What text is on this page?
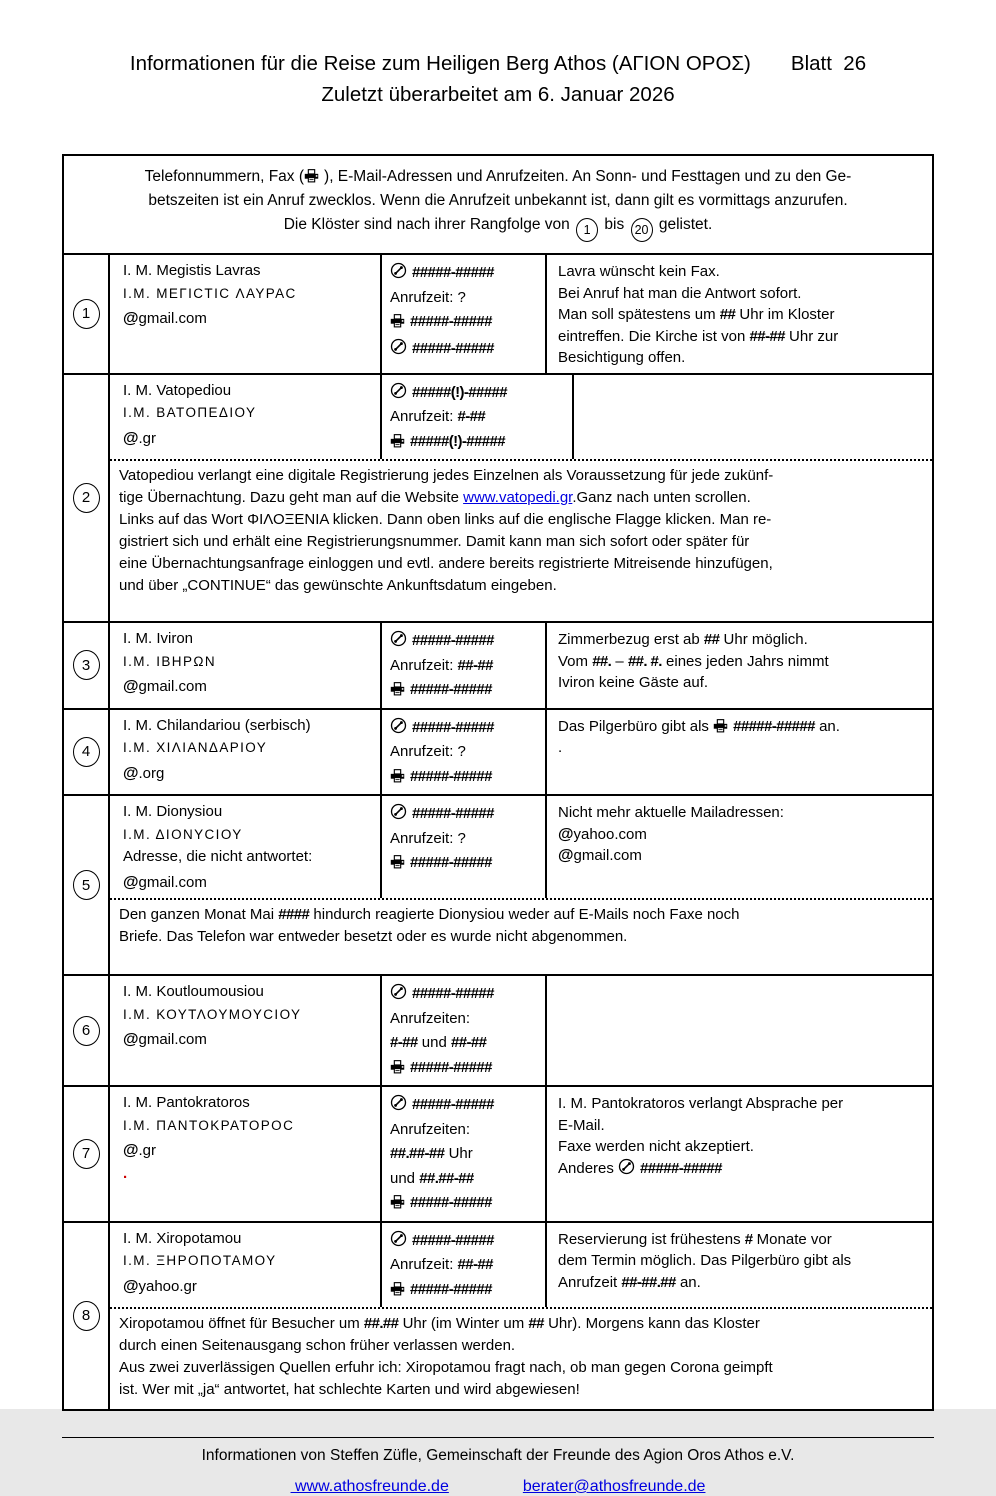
Informationen für die Reise zum Heiligen Berg Athos (ΑΓΙΟΝ ΟΡΟΣ) Blatt  26
Zuletzt überarbeitet am 6. Januar 2026
Telefonnummern, Fax ( ), E-Mail-Adressen und Anrufzeiten. An Sonn- und Festtagen und zu den Ge-
betszeiten ist ein Anruf zwecklos. Wenn die Anrufzeit unbekannt ist, dann gilt es vormittags anzurufen.
Die Klöster sind nach ihrer Rangfolge von 1 bis 20 gelistet.
1
I. M. Megistis Lavras
Ι.Μ. ΜΕΓΙCΤΙC ΛΑΥΡΑC
@gmail.com
#####-#####
Anrufzeit: ?
#####-#####
#####-#####
Lavra wünscht kein Fax.
Bei Anruf hat man die Antwort sofort.
Man soll spätestens um ## Uhr im Kloster
eintreffen. Die Kirche ist von ##-## Uhr zur
Besichtigung offen.
2
I. M. Vatopediou
Ι.Μ. ΒΑΤΟΠΕΔΙΟΥ
@.gr
#####(!)-#####
Anrufzeit: #-##
#####(!)-#####
Vatopediou verlangt eine digitale Registrierung jedes Einzelnen als Voraussetzung für jede zukünf-
tige Übernachtung. Dazu geht man auf die Website www.vatopedi.gr.Ganz nach unten scrollen.
Links auf das Wort ΦΙΛΟΞΕΝΙΑ klicken. Dann oben links auf die englische Flagge klicken. Man re-
gistriert sich und erhält eine Registrierungsnummer. Damit kann man sich sofort oder später für
eine Übernachtungsanfrage einloggen und evtl. andere bereits registrierte Mitreisende hinzufügen,
und über „CONTINUE“ das gewünschte Ankunftsdatum eingeben.
3
I. M. Iviron
Ι.Μ. ΙΒΗΡΩΝ
@gmail.com
#####-#####
Anrufzeit: ##-##
#####-#####
Zimmerbezug erst ab ## Uhr möglich.
Vom ##. – ##. #. eines jeden Jahrs nimmt
Iviron keine Gäste auf.
4
I. M. Chilandariou (serbisch)
Ι.Μ. ΧΙΛΙΑΝΔΑΡΙΟΥ
@.org
#####-#####
Anrufzeit: ?
#####-#####
Das Pilgerbüro gibt als
#####-##### an.
.
5
I. M. Dionysiou
Ι.Μ. ΔΙΟΝΥCΙΟΥ
Adresse, die nicht antwortet:
@gmail.com
#####-#####
Anrufzeit: ?
#####-#####
Nicht mehr aktuelle Mailadressen:
@yahoo.com
@gmail.com
Den ganzen Monat Mai #### hindurch reagierte Dionysiou weder auf E-Mails noch Faxe noch
Briefe. Das Telefon war entweder besetzt oder es wurde nicht abgenommen.
6
I. M. Koutloumousiou
Ι.Μ. ΚΟΥΤΛΟΥΜΟΥCΙΟΥ
@gmail.com
#####-#####
Anrufzeiten:
#-## und ##-##
#####-#####
7
I. M. Pantokratoros
Ι.Μ. ΠΑΝΤΟΚΡΑΤΟΡΟC
@.gr
.
#####-#####
Anrufzeiten:
##.##-## Uhr
und ##.##-##
#####-#####
I. M. Pantokratoros verlangt Absprache per
E-Mail.
Faxe werden nicht akzeptiert.
Anderes
#####-#####
8
I. M. Xiropotamou
Ι.Μ. ΞΗΡΟΠΟΤΑΜΟΥ
@yahoo.gr
#####-#####
Anrufzeit: ##-##
#####-#####
Reservierung ist frühestens # Monate vor
dem Termin möglich. Das Pilgerbüro gibt als
Anrufzeit ##-##.## an.
Xiropotamou öffnet für Besucher um ##.## Uhr (im Winter um ## Uhr). Morgens kann das Kloster
durch einen Seitenausgang schon früher verlassen werden.
Aus zwei zuverlässigen Quellen erfuhr ich: Xiropotamou fragt nach, ob man gegen Corona geimpft
ist. Wer mit „ja“ antwortet, hat schlechte Karten und wird abgewiesen!
Informationen von Steffen Züfle, Gemeinschaft der Freunde des Agion Oros Athos e.V.
www.athosfreunde.de	berater@athosfreunde.de
